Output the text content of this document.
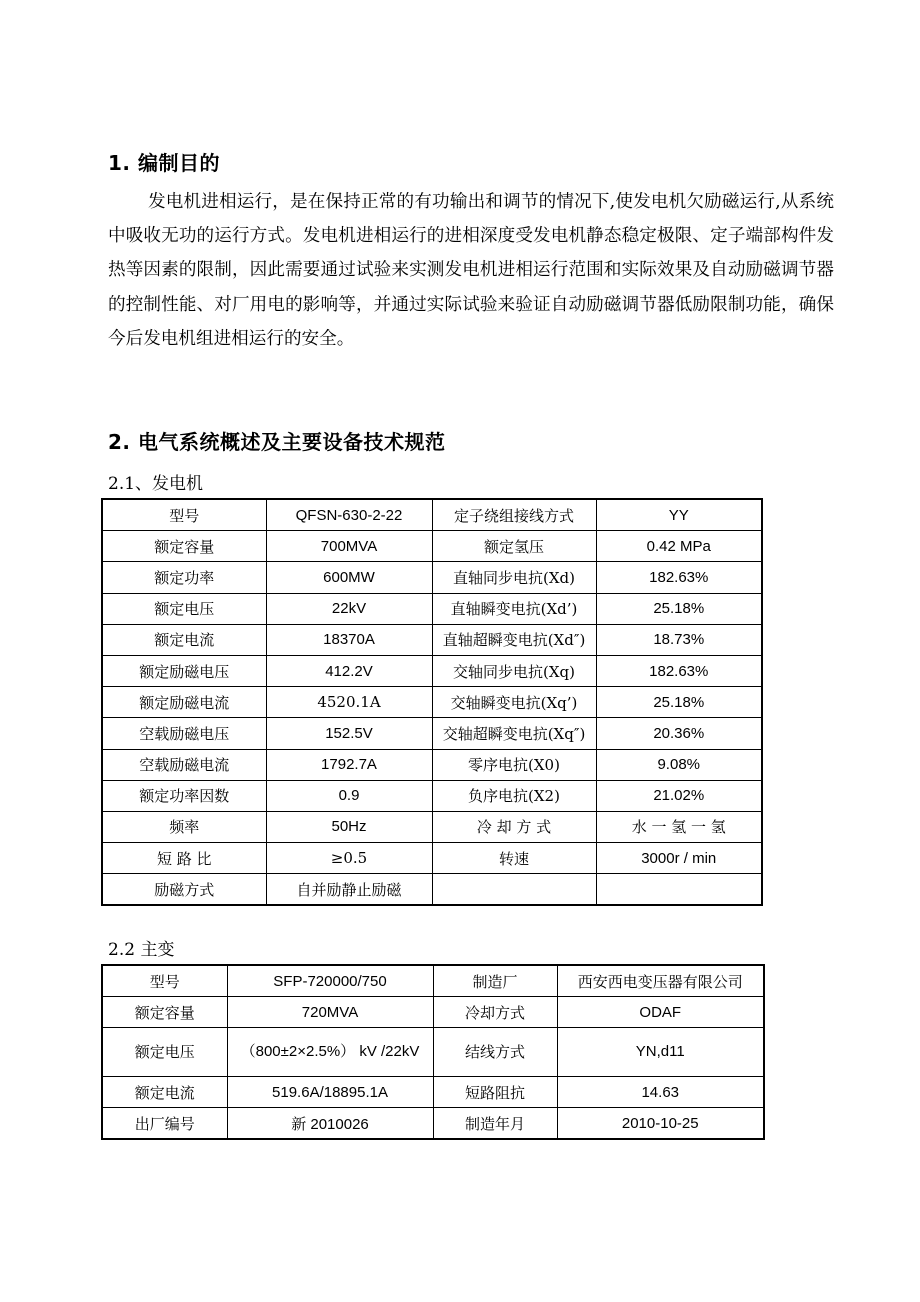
1. 编制目的
发电机进相运行，是在保持正常的有功输出和调节的情况下,使发电机欠励磁运行,从系统中吸收无功的运行方式。发电机进相运行的进相深度受发电机静态稳定极限、定子端部构件发热等因素的限制，因此需要通过试验来实测发电机进相运行范围和实际效果及自动励磁调节器的控制性能、对厂用电的影响等，并通过实际试验来验证自动励磁调节器低励限制功能，确保今后发电机组进相运行的安全。
2. 电气系统概述及主要设备技术规范
2.1、发电机
型号	QFSN-630-2-22	定子绕组接线方式	YY
额定容量	700MVA	额定氢压	0.42 MPa
额定功率	600MW	直轴同步电抗(Xd)	182.63%
额定电压	22kV	直轴瞬变电抗(Xd’)	25.18%
额定电流	18370A	直轴超瞬变电抗(Xd″)	18.73%
额定励磁电压	412.2V	交轴同步电抗(Xq)	182.63%
额定励磁电流	4520.1A	交轴瞬变电抗(Xq’)	25.18%
空载励磁电压	152.5V	交轴超瞬变电抗(Xq″)	20.36%
空载励磁电流	1792.7A	零序电抗(X0)	9.08%
额定功率因数	0.9	负序电抗(X2)	21.02%
频率	50Hz	冷 却 方 式	水 一 氢 一 氢
短 路 比	≥0.5	转速	3000r / min
励磁方式	自并励静止励磁		
2.2 主变
型号	SFP-720000/750	制造厂	西安西电变压器有限公司
额定容量	720MVA	冷却方式	ODAF
额定电压	（800±2×2.5%） kV /22kV	结线方式	YN,d11
额定电流	519.6A/18895.1A	短路阻抗	14.63
出厂编号	新 2010026	制造年月	2010-10-25
